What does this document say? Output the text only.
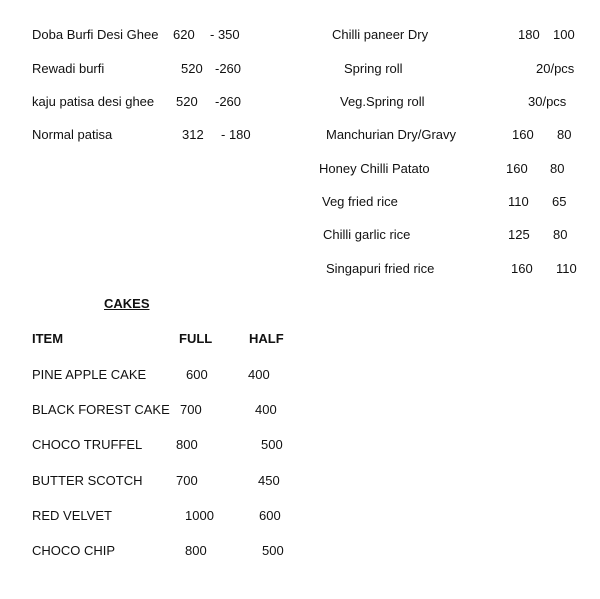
Doba Burfi Desi Ghee 620 - 350
Rewadi burfi	520 -260
kaju patisa desi ghee 520 -260
Normal patisa	312 - 180
Chilli paneer Dry	180 100
Spring roll	20/pcs
Veg.Spring roll	30/pcs
Manchurian Dry/Gravy	160 80
Honey Chilli Patato	160 80
Veg fried rice	110 65
Chilli garlic rice	125 80
Singapuri fried rice	160 110
CAKES
ITEM	FULL	HALF
PINE APPLE CAKE	600	400
BLACK FOREST CAKE 700	400
CHOCO TRUFFEL	800	500
BUTTER SCOTCH	700	450
RED VELVET	1000	600
CHOCO CHIP	800	500
